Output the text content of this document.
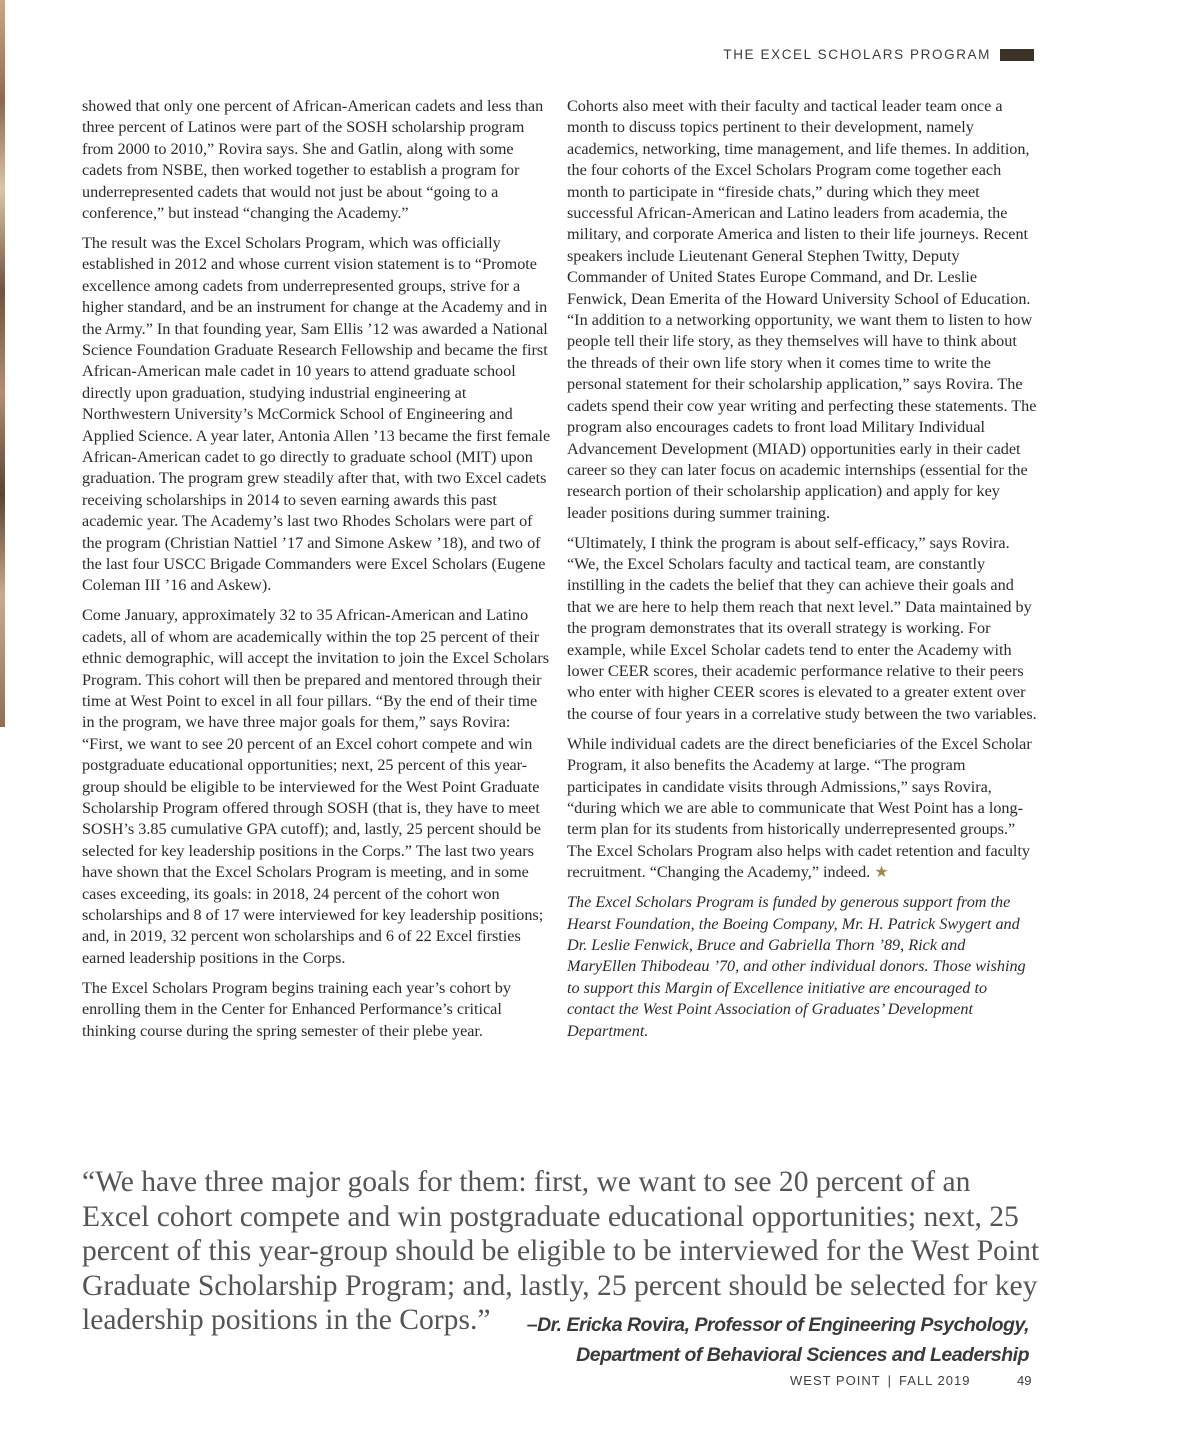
THE EXCEL SCHOLARS PROGRAM

showed that only one percent of African-American cadets and less than three percent of Latinos were part of the SOSH scholarship program from 2000 to 2010,” Rovira says. She and Gatlin, along with some cadets from NSBE, then worked together to establish a program for underrepresented cadets that would not just be about “going to a conference,” but instead “changing the Academy.”

The result was the Excel Scholars Program, which was officially established in 2012 and whose current vision statement is to “Promote excellence among cadets from underrepresented groups, strive for a higher standard, and be an instrument for change at the Academy and in the Army.” In that founding year, Sam Ellis ’12 was awarded a National Science Foundation Graduate Research Fellowship and became the first African-American male cadet in 10 years to attend graduate school directly upon graduation, studying industrial engineering at Northwestern University’s McCormick School of Engineering and Applied Science. A year later, Antonia Allen ’13 became the first female African-American cadet to go directly to graduate school (MIT) upon graduation. The program grew steadily after that, with two Excel cadets receiving scholarships in 2014 to seven earning awards this past academic year. The Academy’s last two Rhodes Scholars were part of the program (Christian Nattiel ’17 and Simone Askew ’18), and two of the last four USCC Brigade Commanders were Excel Scholars (Eugene Coleman III ’16 and Askew).

Come January, approximately 32 to 35 African-American and Latino cadets, all of whom are academically within the top 25 percent of their ethnic demographic, will accept the invitation to join the Excel Scholars Program. This cohort will then be prepared and mentored through their time at West Point to excel in all four pillars. “By the end of their time in the program, we have three major goals for them,” says Rovira: “First, we want to see 20 percent of an Excel cohort compete and win postgraduate educational opportunities; next, 25 percent of this year-group should be eligible to be interviewed for the West Point Graduate Scholarship Program offered through SOSH (that is, they have to meet SOSH’s 3.85 cumulative GPA cutoff); and, lastly, 25 percent should be selected for key leadership positions in the Corps.” The last two years have shown that the Excel Scholars Program is meeting, and in some cases exceeding, its goals: in 2018, 24 percent of the cohort won scholarships and 8 of 17 were interviewed for key leadership positions; and, in 2019, 32 percent won scholarships and 6 of 22 Excel firsties earned leadership positions in the Corps.

The Excel Scholars Program begins training each year’s cohort by enrolling them in the Center for Enhanced Performance’s critical thinking course during the spring semester of their plebe year.

Cohorts also meet with their faculty and tactical leader team once a month to discuss topics pertinent to their development, namely academics, networking, time management, and life themes. In addition, the four cohorts of the Excel Scholars Program come together each month to participate in “fireside chats,” during which they meet successful African-American and Latino leaders from academia, the military, and corporate America and listen to their life journeys. Recent speakers include Lieutenant General Stephen Twitty, Deputy Commander of United States Europe Command, and Dr. Leslie Fenwick, Dean Emerita of the Howard University School of Education. “In addition to a networking opportunity, we want them to listen to how people tell their life story, as they themselves will have to think about the threads of their own life story when it comes time to write the personal statement for their scholarship application,” says Rovira. The cadets spend their cow year writing and perfecting these statements. The program also encourages cadets to front load Military Individual Advancement Development (MIAD) opportunities early in their cadet career so they can later focus on academic internships (essential for the research portion of their scholarship application) and apply for key leader positions during summer training.

“Ultimately, I think the program is about self-efficacy,” says Rovira. “We, the Excel Scholars faculty and tactical team, are constantly instilling in the cadets the belief that they can achieve their goals and that we are here to help them reach that next level.” Data maintained by the program demonstrates that its overall strategy is working. For example, while Excel Scholar cadets tend to enter the Academy with lower CEER scores, their academic performance relative to their peers who enter with higher CEER scores is elevated to a greater extent over the course of four years in a correlative study between the two variables.

While individual cadets are the direct beneficiaries of the Excel Scholar Program, it also benefits the Academy at large. “The program participates in candidate visits through Admissions,” says Rovira, “during which we are able to communicate that West Point has a long-term plan for its students from historically underrepresented groups.” The Excel Scholars Program also helps with cadet retention and faculty recruitment. “Changing the Academy,” indeed. ★

The Excel Scholars Program is funded by generous support from the Hearst Foundation, the Boeing Company, Mr. H. Patrick Swygert and Dr. Leslie Fenwick, Bruce and Gabriella Thorn ’89, Rick and MaryEllen Thibodeau ’70, and other individual donors. Those wishing to support this Margin of Excellence initiative are encouraged to contact the West Point Association of Graduates’ Development Department.

“We have three major goals for them: first, we want to see 20 percent of an Excel cohort compete and win postgraduate educational opportunities; next, 25 percent of this year-group should be eligible to be interviewed for the West Point Graduate Scholarship Program; and, lastly, 25 percent should be selected for key leadership positions in the Corps.”	–Dr. Ericka Rovira, Professor of Engineering Psychology,
Department of Behavioral Sciences and Leadership
WEST POINT | FALL 2019	49
